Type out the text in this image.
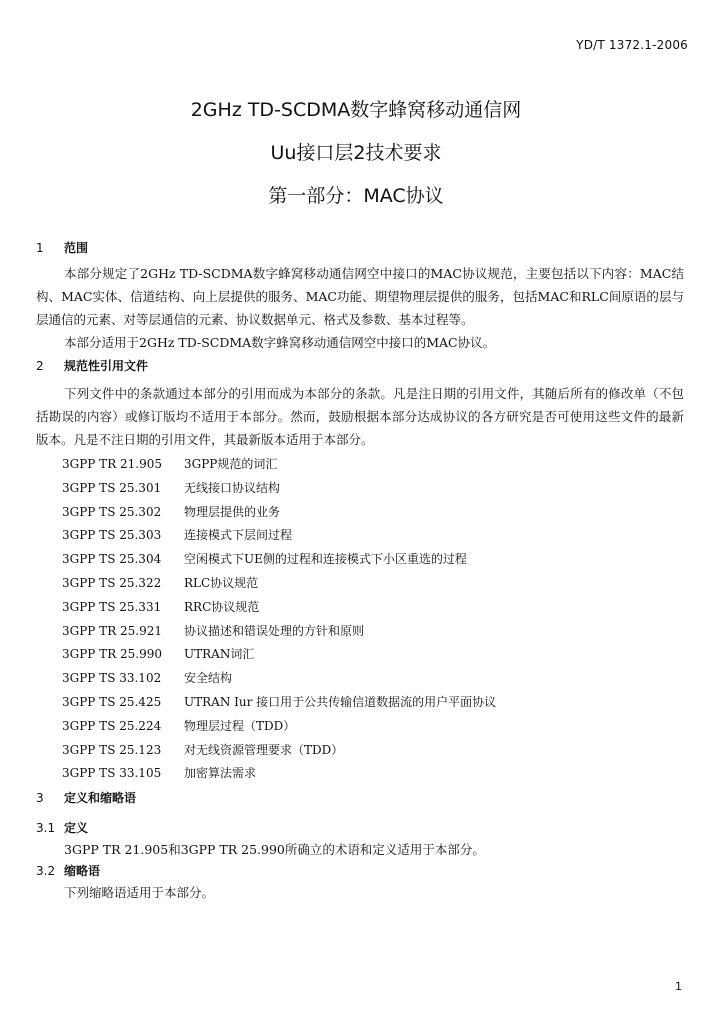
YD/T 1372.1-2006
2GHz TD-SCDMA数字蜂窝移动通信网
Uu接口层2技术要求
第一部分：MAC协议
1 范围

本部分规定了2GHz TD-SCDMA数字蜂窝移动通信网空中接口的MAC协议规范，主要包括以下内容：MAC结构、MAC实体、信道结构、向上层提供的服务、MAC功能、期望物理层提供的服务，包括MAC和RLC间原语的层与层通信的元素、对等层通信的元素、协议数据单元、格式及参数、基本过程等。

本部分适用于2GHz TD-SCDMA数字蜂窝移动通信网空中接口的MAC协议。

2 规范性引用文件

下列文件中的条款通过本部分的引用而成为本部分的条款。凡是注日期的引用文件，其随后所有的修改单（不包括勘误的内容）或修订版均不适用于本部分。然而，鼓励根据本部分达成协议的各方研究是否可使用这些文件的最新版本。凡是不注日期的引用文件，其最新版本适用于本部分。

3GPP TR 21.905 3GPP规范的词汇
3GPP TS 25.301 无线接口协议结构
3GPP TS 25.302 物理层提供的业务
3GPP TS 25.303 连接模式下层间过程
3GPP TS 25.304 空闲模式下UE侧的过程和连接模式下小区重选的过程
3GPP TS 25.322 RLC协议规范
3GPP TS 25.331 RRC协议规范
3GPP TR 25.921 协议描述和错误处理的方针和原则
3GPP TR 25.990 UTRAN词汇
3GPP TS 33.102 安全结构
3GPP TS 25.425 UTRAN Iur 接口用于公共传输信道数据流的用户平面协议
3GPP TS 25.224 物理层过程（TDD）
3GPP TS 25.123 对无线资源管理要求（TDD）
3GPP TS 33.105 加密算法需求
3 定义和缩略语
3.1 定义

3GPP TR 21.905和3GPP TR 25.990所确立的术语和定义适用于本部分。

3.2 缩略语

下列缩略语适用于本部分。

1
